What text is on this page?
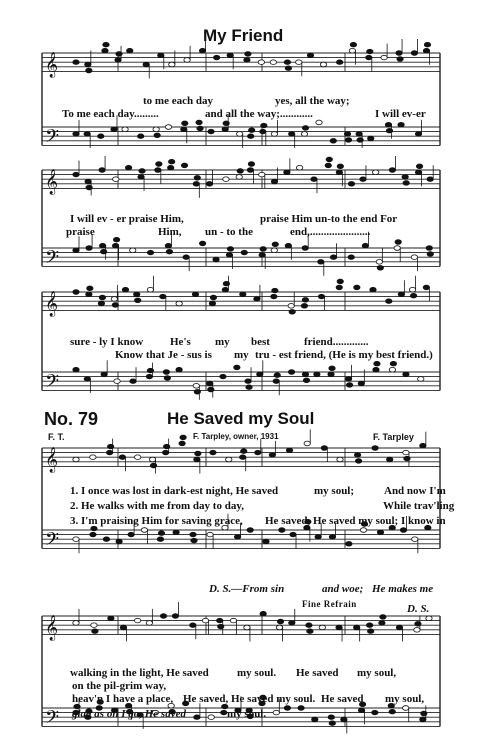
𝄞
𝄢
𝄞
𝄢
𝄞
𝄢
𝄞
𝄢
𝄞
𝄢
My Friend
to me each day	yes, all the way;
To me each day.........	and all the way;............	I will ev-er
I will ev - er praise Him,	praise Him un-to the end For
praise	Him, un - to the	end,......................
sure - ly I know He's my best	friend.............
Know that Je - sus is my tru - est friend, (He is my best friend.)
No. 79	He Saved my Soul
F. T.	F. Tarpley, owner, 1931	F. Tarpley
1. I once was lost in dark-est night, He saved	my soul;	And now I'm
2. He walks with me from day to day,	While trav'ling
3. I'm praising Him for saving grace, He saved, He saved my soul; I know in
D. S.—From sin	and woe; He makes me
Fine Refrain	D. S.
walking in the light, He saved	my soul. He saved my soul,
on the pil-grim way,
heav'n I have a place, He saved, He saved my soul. He saved my soul,
glad as on I go, He saved	my soul.
